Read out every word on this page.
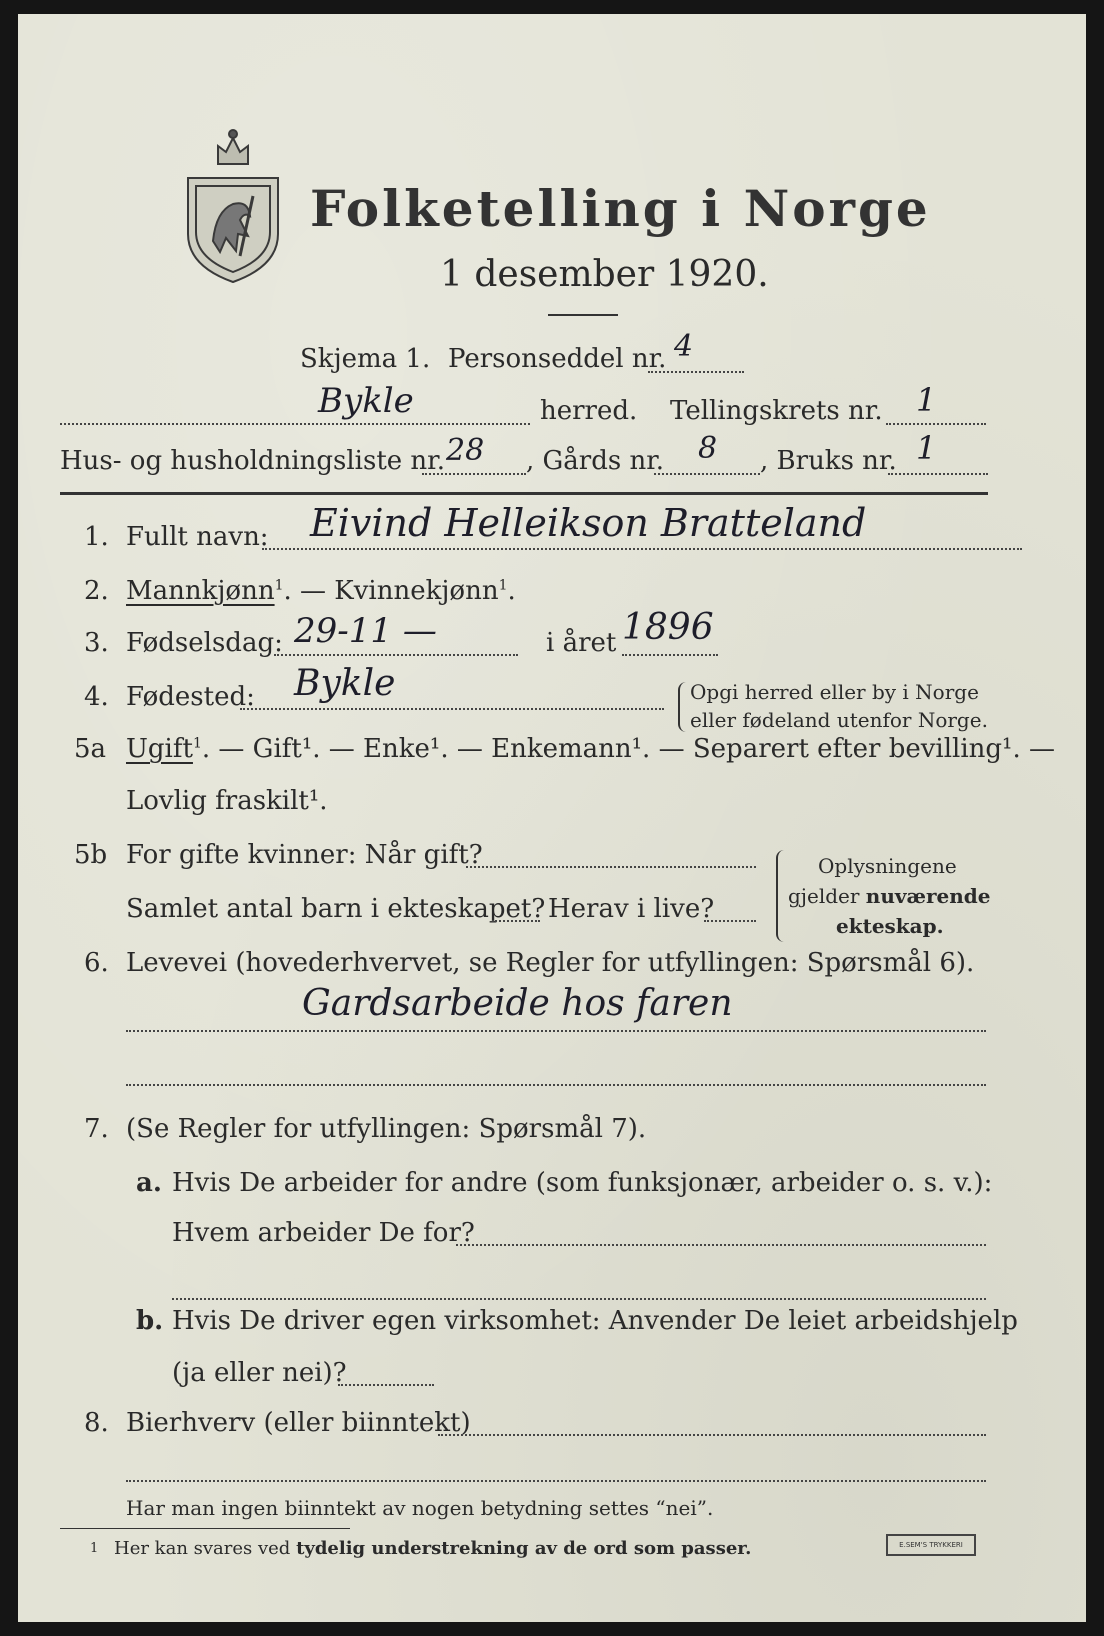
Folketelling i Norge
1 desember 1920.
Skjema 1. Personseddel nr. 4
Bykle	herred. Tellingskrets nr. 1
Hus- og husholdningsliste nr. 28 , Gårds nr. 8 , Bruks nr. 1
1. Fullt navn: Eivind Helleikson Bratteland
2. Mannkjønn$^1$. — Kvinnekjønn$^1$.
3. Fødselsdag: 29-11 —	i året 1896
4. Fødested: Bykle	Opgi herred eller by i Norge
eller fødeland utenfor Norge.
5a Ugift$^1$. — Gift¹. — Enke¹. — Enkemann¹. — Separert efter bevilling¹. —
Lovlig fraskilt¹.
5b For gifte kvinner: Når gift?
Samlet antal barn i ekteskapet? Herav i live?
Oplysningene
gjelder nuværende
ekteskap.
6. Levevei (hovederhvervet, se Regler for utfyllingen: Spørsmål 6).
Gardsarbeide hos faren
7. (Se Regler for utfyllingen: Spørsmål 7).
a. Hvis De arbeider for andre (som funksjonær, arbeider o. s. v.):
Hvem arbeider De for?
b. Hvis De driver egen virksomhet: Anvender De leiet arbeidshjelp
(ja eller nei)?
8. Bierhverv (eller biinntekt)
Har man ingen biinntekt av nogen betydning settes “nei”.
1 Her kan svares ved tydelig understrekning av de ord som passer.	E.SEM'S TRYKKERI
